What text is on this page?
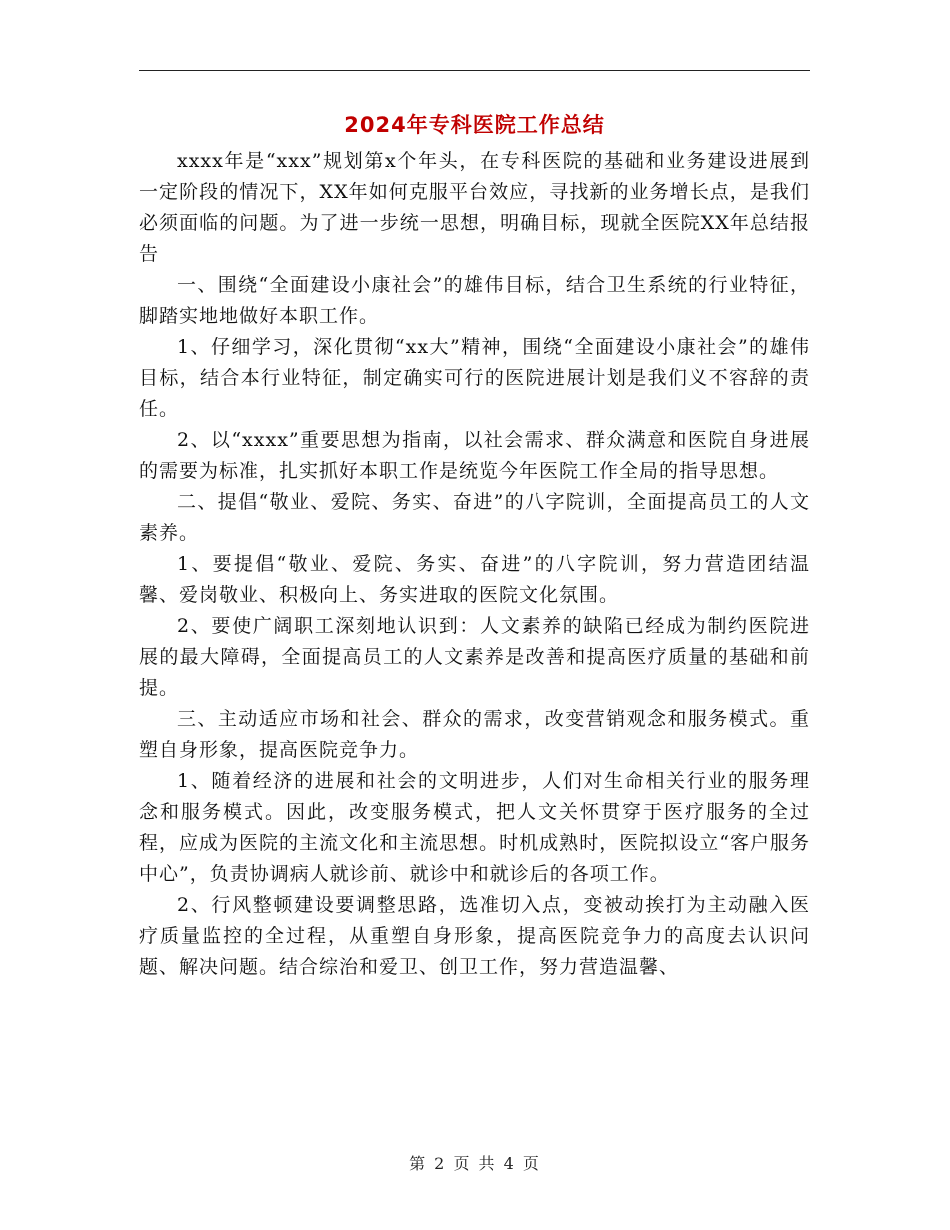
2024年专科医院工作总结

xxxx年是“xxx”规划第x个年头，在专科医院的基础和业务建设进展到一定阶段的情况下，XX年如何克服平台效应，寻找新的业务增长点，是我们必须面临的问题。为了进一步统一思想，明确目标，现就全医院XX年总结报告

一、围绕“全面建设小康社会”的雄伟目标，结合卫生系统的行业特征，脚踏实地地做好本职工作。

1、仔细学习，深化贯彻“xx大”精神，围绕“全面建设小康社会”的雄伟目标，结合本行业特征，制定确实可行的医院进展计划是我们义不容辞的责任。

2、以“xxxx”重要思想为指南，以社会需求、群众满意和医院自身进展的需要为标准，扎实抓好本职工作是统览今年医院工作全局的指导思想。

二、提倡“敬业、爱院、务实、奋进”的八字院训，全面提高员工的人文素养。

1、要提倡“敬业、爱院、务实、奋进”的八字院训，努力营造团结温馨、爱岗敬业、积极向上、务实进取的医院文化氛围。

2、要使广阔职工深刻地认识到：人文素养的缺陷已经成为制约医院进展的最大障碍，全面提高员工的人文素养是改善和提高医疗质量的基础和前提。

三、主动适应市场和社会、群众的需求，改变营销观念和服务模式。重塑自身形象，提高医院竞争力。

1、随着经济的进展和社会的文明进步，人们对生命相关行业的服务理念和服务模式。因此，改变服务模式，把人文关怀贯穿于医疗服务的全过程，应成为医院的主流文化和主流思想。时机成熟时，医院拟设立“客户服务中心”，负责协调病人就诊前、就诊中和就诊后的各项工作。

2、行风整顿建设要调整思路，选准切入点，变被动挨打为主动融入医疗质量监控的全过程，从重塑自身形象，提高医院竞争力的高度去认识问题、解决问题。结合综治和爱卫、创卫工作，努力营造温馨、

第 2 页 共 4 页
